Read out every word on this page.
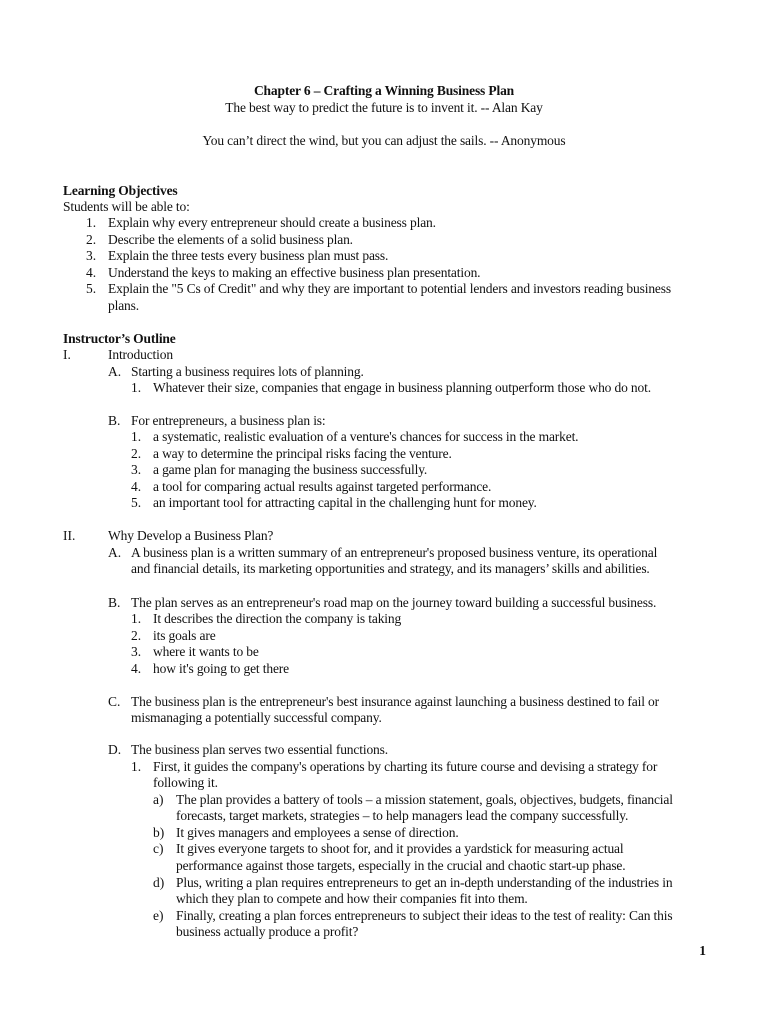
Chapter 6 – Crafting a Winning Business Plan
The best way to predict the future is to invent it. -- Alan Kay
You can’t direct the wind, but you can adjust the sails. -- Anonymous
Learning Objectives
Students will be able to:
1. Explain why every entrepreneur should create a business plan.
2. Describe the elements of a solid business plan.
3. Explain the three tests every business plan must pass.
4. Understand the keys to making an effective business plan presentation.
5. Explain the "5 Cs of Credit" and why they are important to potential lenders and investors reading business
plans.
Instructor’s Outline
I.	Introduction
A. Starting a business requires lots of planning.
1. Whatever their size, companies that engage in business planning outperform those who do not.
B. For entrepreneurs, a business plan is:
1. a systematic, realistic evaluation of a venture's chances for success in the market.
2. a way to determine the principal risks facing the venture.
3. a game plan for managing the business successfully.
4. a tool for comparing actual results against targeted performance.
5. an important tool for attracting capital in the challenging hunt for money.
II. Why Develop a Business Plan?
A. A business plan is a written summary of an entrepreneur's proposed business venture, its operational
and financial details, its marketing opportunities and strategy, and its managers’ skills and abilities.
B. The plan serves as an entrepreneur's road map on the journey toward building a successful business.
1. It describes the direction the company is taking
2. its goals are
3. where it wants to be
4. how it's going to get there
C. The business plan is the entrepreneur's best insurance against launching a business destined to fail or
mismanaging a potentially successful company.
D. The business plan serves two essential functions.
1. First, it guides the company's operations by charting its future course and devising a strategy for
following it.
a) The plan provides a battery of tools – a mission statement, goals, objectives, budgets, financial
forecasts, target markets, strategies – to help managers lead the company successfully.
b) It gives managers and employees a sense of direction.
c) It gives everyone targets to shoot for, and it provides a yardstick for measuring actual
performance against those targets, especially in the crucial and chaotic start-up phase.
d) Plus, writing a plan requires entrepreneurs to get an in-depth understanding of the industries in
which they plan to compete and how their companies fit into them.
e) Finally, creating a plan forces entrepreneurs to subject their ideas to the test of reality: Can this
business actually produce a profit?
1
